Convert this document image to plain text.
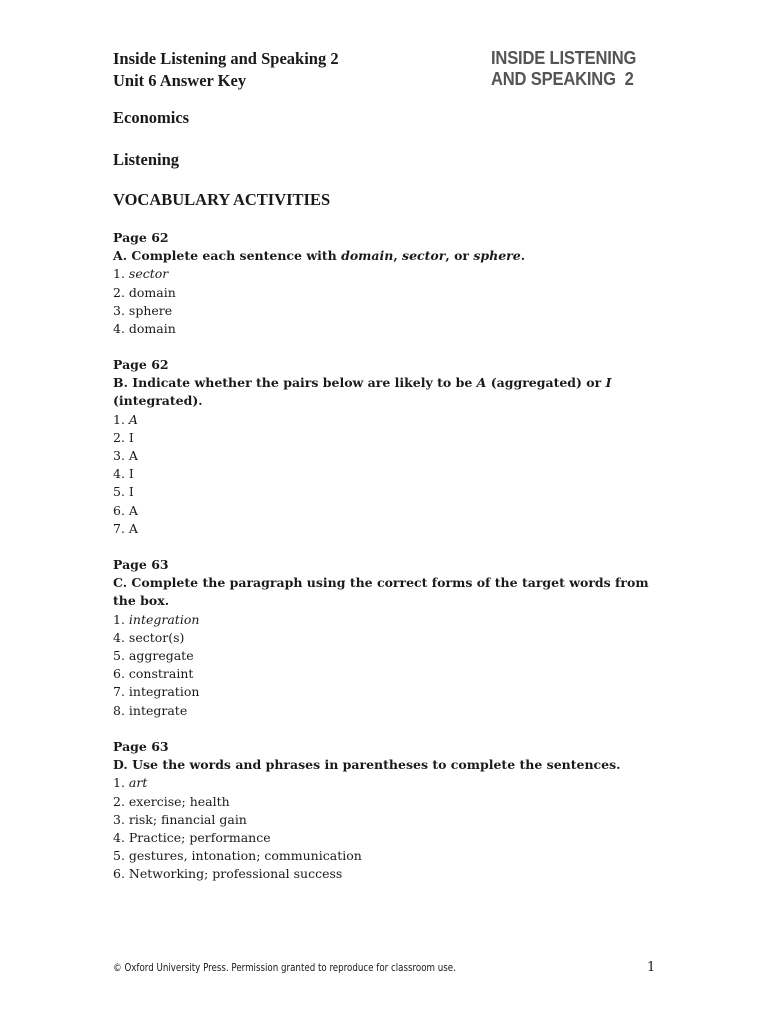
Inside Listening and Speaking 2
Unit 6 Answer Key
INSIDE LISTENING
AND SPEAKING  2
Economics
Listening
VOCABULARY ACTIVITIES
Page 62
A. Complete each sentence with domain, sector, or sphere.
1. sector
2. domain
3. sphere
4. domain
Page 62
B. Indicate whether the pairs below are likely to be A (aggregated) or I
(integrated).
1. A
2. I
3. A
4. I
5. I
6. A
7. A
Page 63
C. Complete the paragraph using the correct forms of the target words from
the box.
1. integration
4. sector(s)
5. aggregate
6. constraint
7. integration
8. integrate
Page 63
D. Use the words and phrases in parentheses to complete the sentences.
1. art
2. exercise; health
3. risk; financial gain
4. Practice; performance
5. gestures, intonation; communication
6. Networking; professional success
© Oxford University Press. Permission granted to reproduce for classroom use.	1
